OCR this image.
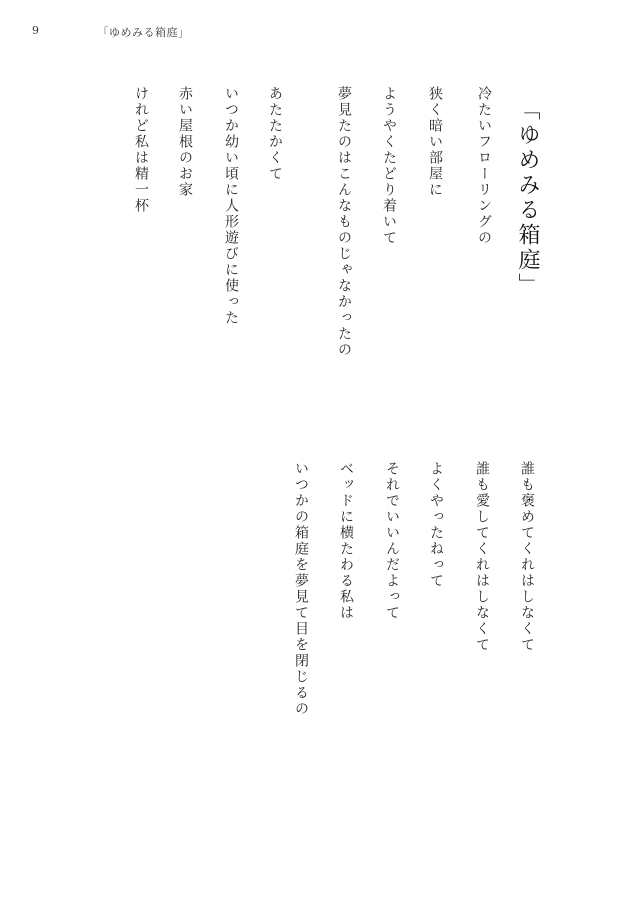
9	「ゆめみる箱庭」
「ゆめみる箱庭」
冷たいフローリングの
狭く暗い部屋に
ようやくたどり着いて
夢見たのはこんなものじゃなかったの
あたたかくて
いつか幼い頃に人形遊びに使った
赤い屋根のお家
けれど私は精一杯
誰も褒めてくれはしなくて
誰も愛してくれはしなくて
よくやったねって
それでいいんだよって
ベッドに横たわる私は
いつかの箱庭を夢見て目を閉じるの
